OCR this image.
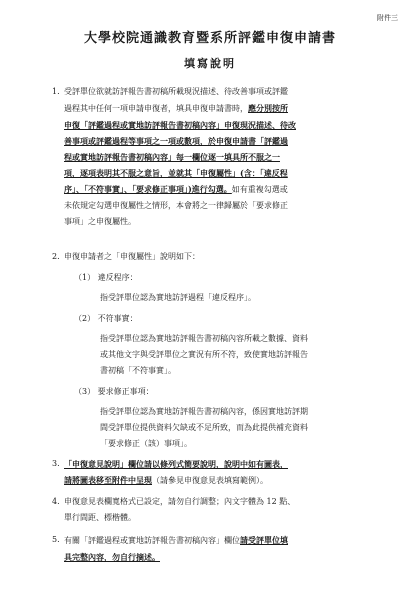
附件三
大學校院通識教育暨系所評鑑申復申請書
填寫說明
1. 受評單位欲就訪評報告書初稿所載現況描述、待改善事項或評鑑
過程其中任何一項申請申復者，填具申復申請書時，應分別按所
申復「評鑑過程或實地訪評報告書初稿內容」申復現況描述、待改
善事項或評鑑過程等事項之一項或數項，於申復申請書「評鑑過
程或實地訪評報告書初稿內容」每一欄位逐一填具所不服之一
項，逐項表明其不服之意旨，並就其「申復屬性」(含：「違反程
序」、「不符事實」、「要求修正事項」)進行勾選。如有重複勾選或
未依規定勾選申復屬性之情形，本會將之一律歸屬於「要求修正
事項」之申復屬性。
2. 申復申請者之「申復屬性」說明如下：
（1） 違反程序：
指受評單位認為實地訪評過程「違反程序」。
（2） 不符事實：
指受評單位認為實地訪評報告書初稿內容所載之數據、資料
或其他文字與受評單位之實況有所不符，致使實地訪評報告
書初稿「不符事實」。
（3） 要求修正事項：
指受評單位認為實地訪評報告書初稿內容，係因實地訪評期
間受評單位提供資料欠缺或不足所致，而為此提供補充資料
「要求修正（該）事項」。
3. 「申復意見說明」欄位請以條列式簡要說明，說明中如有圖表，
請將圖表移至附件中呈現（請參見申復意見表填寫範例）。
4. 申復意見表欄寬格式已設定，請勿自行調整；內文字體為 12 點、
單行間距、標楷體。
5. 有關「評鑑過程或實地訪評報告書初稿內容」欄位請受評單位填
具完整內容，勿自行摘述。
